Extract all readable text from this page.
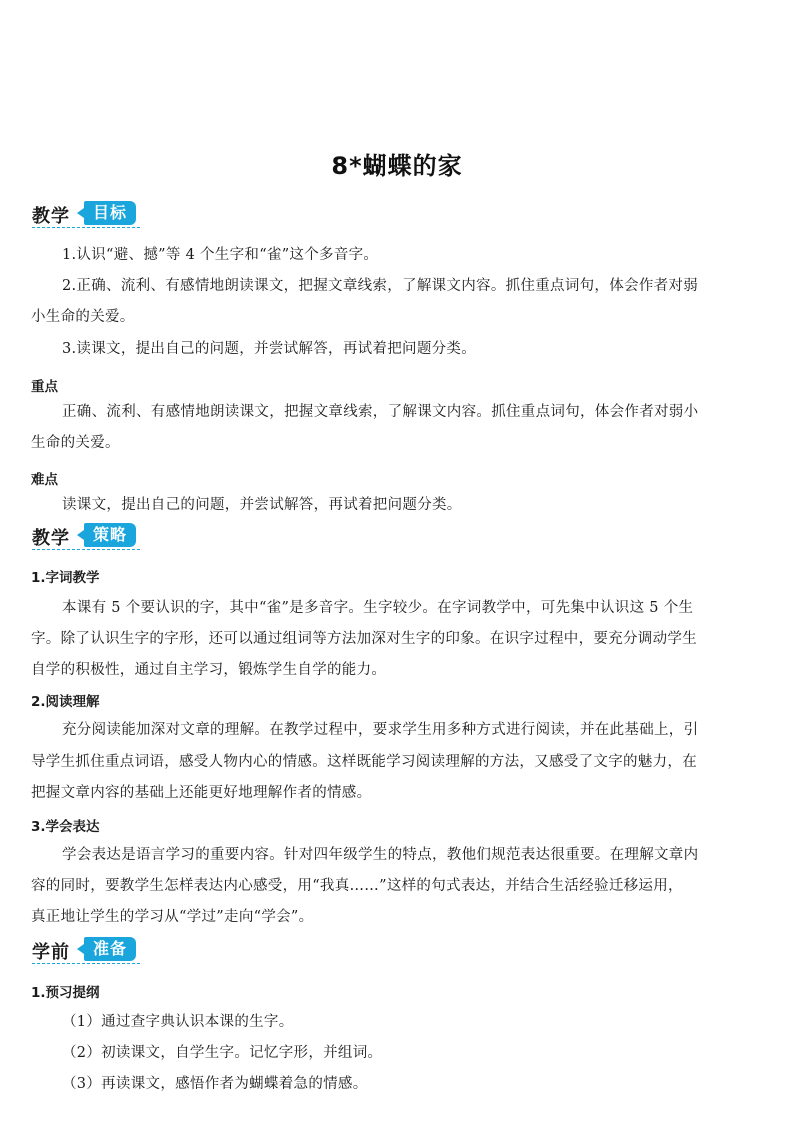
8*蝴蝶的家
教学	目标
1.认识“避、撼”等 4 个生字和“雀”这个多音字。
2.正确、流利、有感情地朗读课文，把握文章线索，了解课文内容。抓住重点词句，体会作者对弱
小生命的关爱。
3.读课文，提出自己的问题，并尝试解答，再试着把问题分类。
重点
正确、流利、有感情地朗读课文，把握文章线索，了解课文内容。抓住重点词句，体会作者对弱小
生命的关爱。
难点
读课文，提出自己的问题，并尝试解答，再试着把问题分类。
教学	策略
1.字词教学
本课有 5 个要认识的字，其中“雀”是多音字。生字较少。在字词教学中，可先集中认识这 5 个生
字。除了认识生字的字形，还可以通过组词等方法加深对生字的印象。在识字过程中，要充分调动学生
自学的积极性，通过自主学习，锻炼学生自学的能力。
2.阅读理解
充分阅读能加深对文章的理解。在教学过程中，要求学生用多种方式进行阅读，并在此基础上，引
导学生抓住重点词语，感受人物内心的情感。这样既能学习阅读理解的方法，又感受了文字的魅力，在
把握文章内容的基础上还能更好地理解作者的情感。
3.学会表达
学会表达是语言学习的重要内容。针对四年级学生的特点，教他们规范表达很重要。在理解文章内
容的同时，要教学生怎样表达内心感受，用“我真……”这样的句式表达，并结合生活经验迁移运用，
真正地让学生的学习从“学过”走向“学会”。
学前	准备
1.预习提纲
（1）通过查字典认识本课的生字。
（2）初读课文，自学生字。记忆字形，并组词。
（3）再读课文，感悟作者为蝴蝶着急的情感。
